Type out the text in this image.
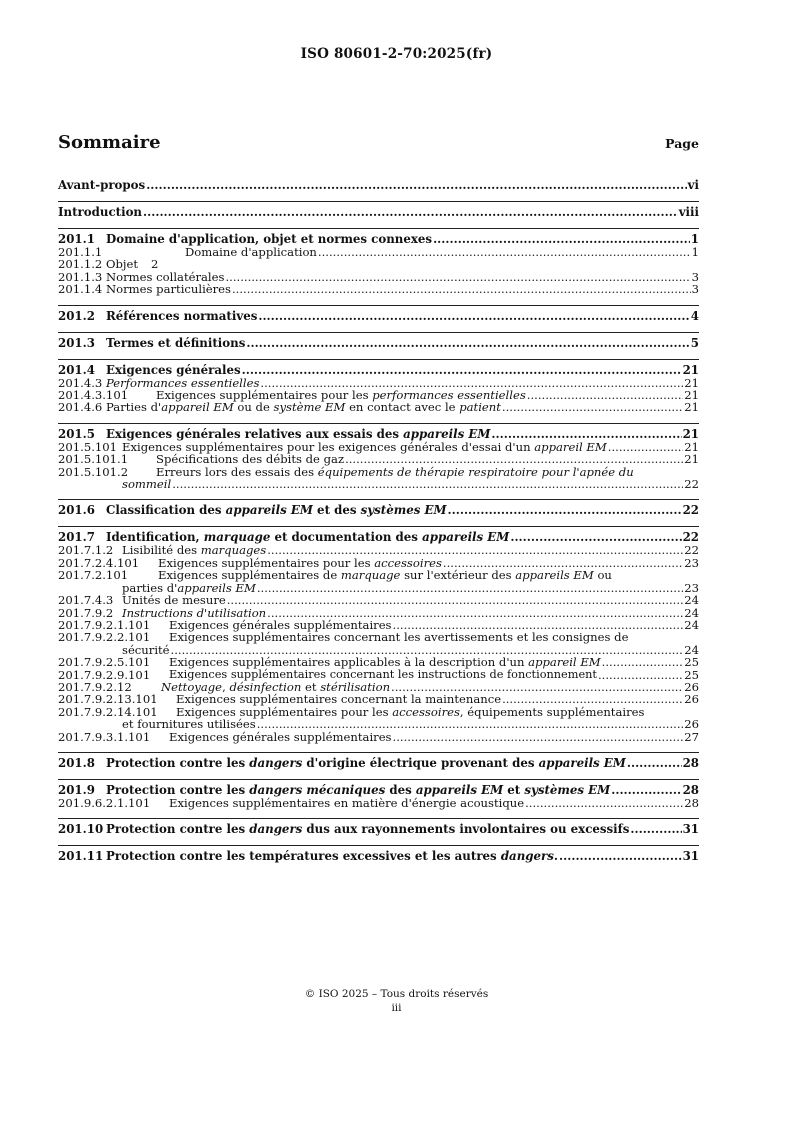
ISO 80601-2-70:2025(fr)
Sommaire	Page
Avant-propos .....	vi
Introduction .....	viii
201.1 Domaine d'application, objet et normes connexes .....	1
201.1.1	Domaine d'application .....	1
201.1.2 Objet	2
201.1.3 Normes collatérales .....	3
201.1.4 Normes particulières .....	3
201.2 Références normatives .....	4
201.3 Termes et définitions .....	5
201.4 Exigences générales .....	21
201.4.3 Performances essentielles .....	21
201.4.3.101	Exigences supplémentaires pour les performances essentielles .....	21
201.4.6 Parties d'appareil EM ou de système EM en contact avec le patient .....	21
201.5 Exigences générales relatives aux essais des appareils EM .....	21
201.5.101 Exigences supplémentaires pour les exigences générales d'essai d'un appareil EM .....	21
201.5.101.1	Spécifications des débits de gaz .....	21
201.5.101.2	Erreurs lors des essais des équipements de thérapie respiratoire pour l'apnée du
sommeil .....	22
201.6 Classification des appareils EM et des systèmes EM .....	22
201.7 Identification, marquage et documentation des appareils EM .....	22
201.7.1.2 Lisibilité des marquages .....	22
201.7.2.4.101	Exigences supplémentaires pour les accessoires .....	23
201.7.2.101	Exigences supplémentaires de marquage sur l'extérieur des appareils EM ou
parties d'appareils EM .....	23
201.7.4.3 Unités de mesure .....	24
201.7.9.2 Instructions d'utilisation .....	24
201.7.9.2.1.101	Exigences générales supplémentaires .....	24
201.7.9.2.2.101	Exigences supplémentaires concernant les avertissements et les consignes de
sécurité .....	24
201.7.9.2.5.101	Exigences supplémentaires applicables à la description d'un appareil EM .....	25
201.7.9.2.9.101	Exigences supplémentaires concernant les instructions de fonctionnement .....	25
201.7.9.2.12	Nettoyage, désinfection et stérilisation .....	26
201.7.9.2.13.101	Exigences supplémentaires concernant la maintenance .....	26
201.7.9.2.14.101	Exigences supplémentaires pour les accessoires, équipements supplémentaires
et fournitures utilisées .....	26
201.7.9.3.1.101	Exigences générales supplémentaires .....	27
201.8 Protection contre les dangers d'origine électrique provenant des appareils EM .....	28
201.9 Protection contre les dangers mécaniques des appareils EM et systèmes EM .....	28
201.9.6.2.1.101	Exigences supplémentaires en matière d'énergie acoustique .....	28
201.10 Protection contre les dangers dus aux rayonnements involontaires ou excessifs .....	31
201.11 Protection contre les températures excessives et les autres dangers. .....	31
© ISO 2025 – Tous droits réservés
iii
